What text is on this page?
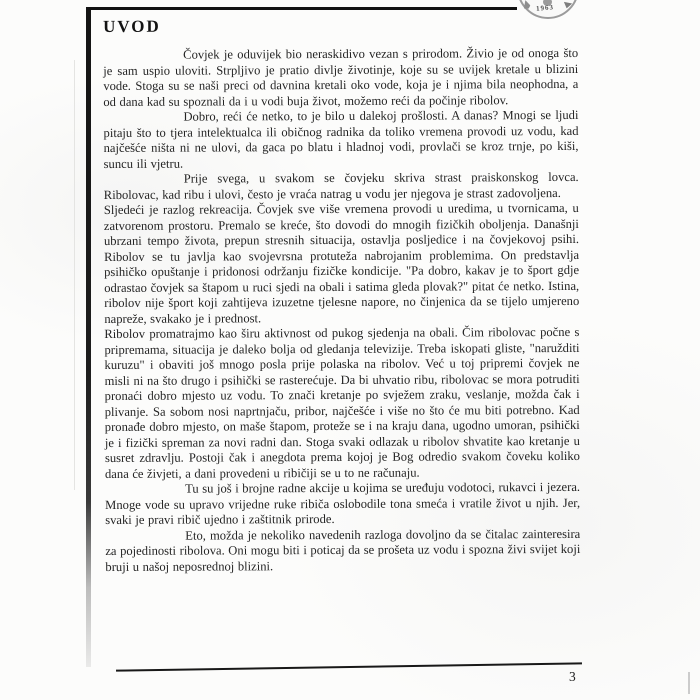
1963
UVOD

Čovjek je oduvijek bio neraskidivo vezan s prirodom. Živio je od onoga što je sam uspio uloviti. Strpljivo je pratio divlje životinje, koje su se uvijek kretale u blizini vode. Stoga su se naši preci od davnina kretali oko vode, koja je i njima bila neophodna, a od dana kad su spoznali da i u vodi buja život, možemo reći da počinje ribolov.

Dobro, reći će netko, to je bilo u dalekoj prošlosti. A danas? Mnogi se ljudi pitaju što to tjera intelektualca ili običnog radnika da toliko vremena provodi uz vodu, kad najčešće ništa ni ne ulovi, da gaca po blatu i hladnoj vodi, provlači se kroz trnje, po kiši, suncu ili vjetru.

Prije svega, u svakom se čovjeku skriva strast praiskonskog lovca. Ribolovac, kad ribu i ulovi, često je vraća natrag u vodu jer njegova je strast zadovoljena.

Sljedeći je razlog rekreacija. Čovjek sve više vremena provodi u uredima, u tvornicama, u zatvorenom prostoru. Premalo se kreće, što dovodi do mnogih fizičkih oboljenja. Današnji ubrzani tempo života, prepun stresnih situacija, ostavlja posljedice i na čovjekovoj psihi. Ribolov se tu javlja kao svojevrsna protuteža nabrojanim problemima. On predstavlja psihičko opuštanje i pridonosi održanju fizičke kondicije. "Pa dobro, kakav je to šport gdje odrastao čovjek sa štapom u ruci sjedi na obali i satima gleda plovak?" pitat će netko. Istina, ribolov nije šport koji zahtijeva izuzetne tjelesne napore, no činjenica da se tijelo umjereno napreže, svakako je i prednost.

Ribolov promatrajmo kao širu aktivnost od pukog sjedenja na obali. Čim ribolovac počne s pripremama, situacija je daleko bolja od gledanja televizije. Treba iskopati gliste, "naružditi kuruzu" i obaviti još mnogo posla prije polaska na ribolov. Već u toj pripremi čovjek ne misli ni na što drugo i psihički se rasterećuje. Da bi uhvatio ribu, ribolovac se mora potruditi pronaći dobro mjesto uz vodu. To znači kretanje po svježem zraku, veslanje, možda čak i plivanje. Sa sobom nosi naprtnjaču, pribor, najčešće i više no što će mu biti potrebno. Kad pronađe dobro mjesto, on maše štapom, proteže se i na kraju dana, ugodno umoran, psihički je i fizički spreman za novi radni dan. Stoga svaki odlazak u ribolov shvatite kao kretanje u susret zdravlju. Postoji čak i anegdota prema kojoj je Bog odredio svakom čoveku koliko dana će živjeti, a dani provedeni u ribičiji se u to ne računaju.

Tu su još i brojne radne akcije u kojima se uređuju vodotoci, rukavci i jezera. Mnoge vode su upravo vrijedne ruke ribiča oslobodile tona smeća i vratile život u njih. Jer, svaki je pravi ribič ujedno i zaštitnik prirode.

Eto, možda je nekoliko navedenih razloga dovoljno da se čitalac zainteresira za pojedinosti ribolova. Oni mogu biti i poticaj da se prošeta uz vodu i spozna živi svijet koji bruji u našoj neposrednoj blizini.

3
